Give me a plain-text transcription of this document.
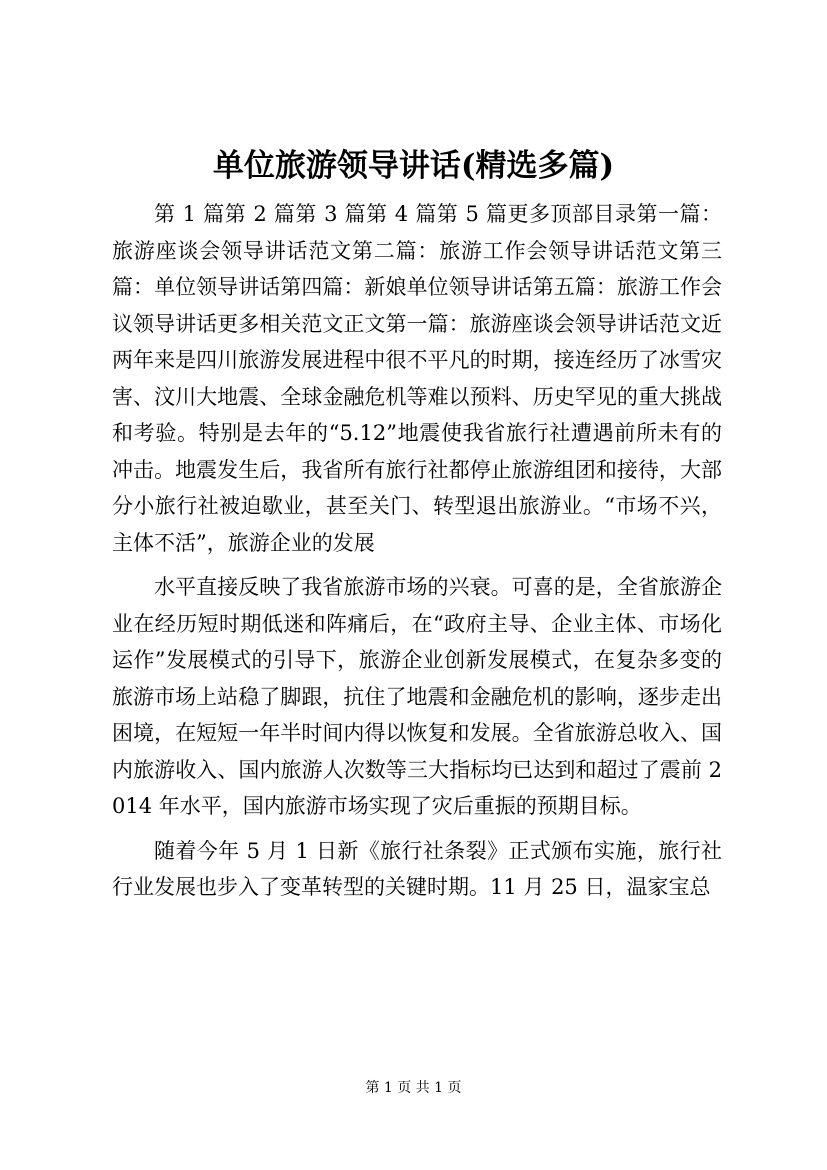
单位旅游领导讲话(精选多篇)

第 1 篇第 2 篇第 3 篇第 4 篇第 5 篇更多顶部目录第一篇：旅游座谈会领导讲话范文第二篇：旅游工作会领导讲话范文第三篇：单位领导讲话第四篇：新娘单位领导讲话第五篇：旅游工作会议领导讲话更多相关范文正文第一篇：旅游座谈会领导讲话范文近两年来是四川旅游发展进程中很不平凡的时期，接连经历了冰雪灾害、汶川大地震、全球金融危机等难以预料、历史罕见的重大挑战和考验。特别是去年的“5.12”地震使我省旅行社遭遇前所未有的冲击。地震发生后，我省所有旅行社都停止旅游组团和接待，大部分小旅行社被迫歇业，甚至关门、转型退出旅游业。“市场不兴，主体不活”，旅游企业的发展

水平直接反映了我省旅游市场的兴衰。可喜的是，全省旅游企业在经历短时期低迷和阵痛后，在“政府主导、企业主体、市场化运作”发展模式的引导下，旅游企业创新发展模式，在复杂多变的旅游市场上站稳了脚跟，抗住了地震和金融危机的影响，逐步走出困境，在短短一年半时间内得以恢复和发展。全省旅游总收入、国内旅游收入、国内旅游人次数等三大指标均已达到和超过了震前 2014 年水平，国内旅游市场实现了灾后重振的预期目标。

随着今年 5 月 1 日新《旅行社条裂》正式颁布实施，旅行社行业发展也步入了变革转型的关键时期。11 月 25 日，温家宝总

第 1 页 共 1 页
